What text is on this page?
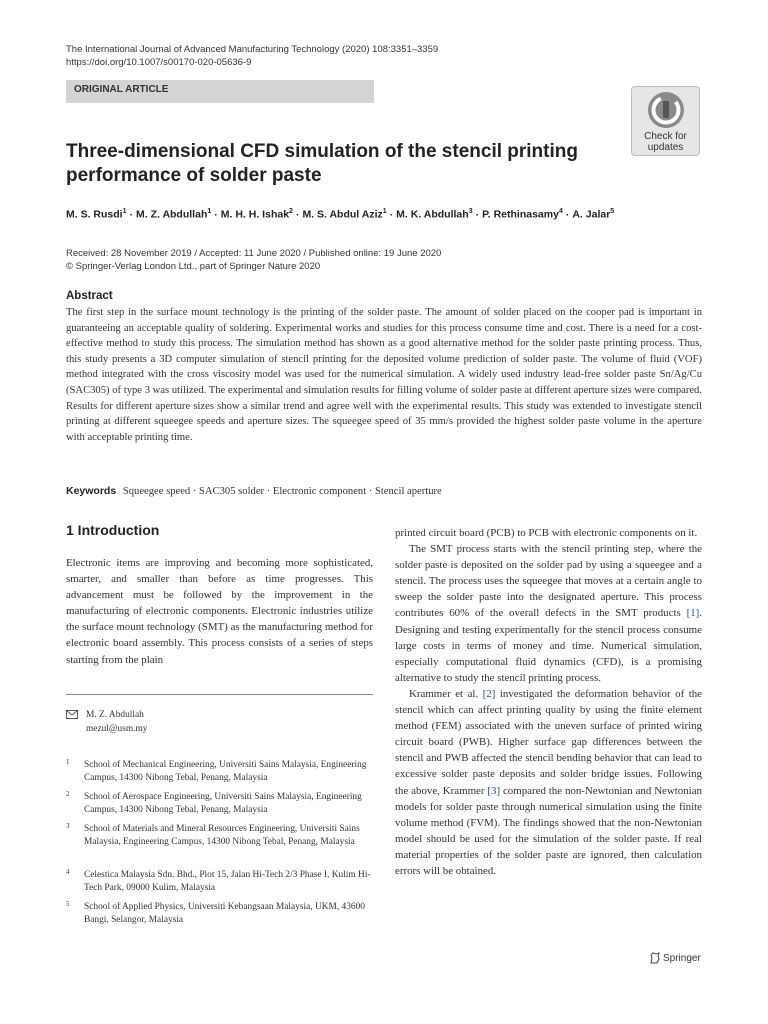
The International Journal of Advanced Manufacturing Technology (2020) 108:3351–3359
https://doi.org/10.1007/s00170-020-05636-9
ORIGINAL ARTICLE
Check for
updates
Three-dimensional CFD simulation of the stencil printing performance of solder paste
M. S. Rusdi$^1$ · M. Z. Abdullah$^1$ · M. H. H. Ishak$^2$ · M. S. Abdul Aziz$^1$ · M. K. Abdullah$^3$ · P. Rethinasamy$^4$ · A. Jalar$^5$
Received: 28 November 2019 / Accepted: 11 June 2020 / Published online: 19 June 2020
© Springer-Verlag London Ltd., part of Springer Nature 2020
Abstract
The first step in the surface mount technology is the printing of the solder paste. The amount of solder placed on the cooper pad is important in guaranteeing an acceptable quality of soldering. Experimental works and studies for this process consume time and cost. There is a need for a cost-effective method to study this process. The simulation method has shown as a good alternative method for the solder paste printing process. Thus, this study presents a 3D computer simulation of stencil printing for the deposited volume prediction of solder paste. The volume of fluid (VOF) method integrated with the cross viscosity model was used for the numerical simulation. A widely used industry lead-free solder paste Sn/Ag/Cu (SAC305) of type 3 was utilized. The experimental and simulation results for filling volume of solder paste at different aperture sizes were compared. Results for different aperture sizes show a similar trend and agree well with the experimental results. This study was extended to investigate stencil printing at different squeegee speeds and aperture sizes. The squeegee speed of 35 mm/s provided the highest solder paste volume in the aperture with acceptable printing time.
Keywords Squeegee speed · SAC305 solder · Electronic component · Stencil aperture
1 Introduction

Electronic items are improving and becoming more sophisticated, smarter, and smaller than before as time progresses. This advancement must be followed by the improvement in the manufacturing of electronic components. Electronic industries utilize the surface mount technology (SMT) as the manufacturing method for electronic board assembly. This process consists of a series of steps starting from the plain

M. Z. Abdullah
mezul@usm.my
1 School of Mechanical Engineering, Universiti Sains Malaysia, Engineering Campus, 14300 Nibong Tebal, Penang, Malaysia
2 School of Aerospace Engineering, Universiti Sains Malaysia, Engineering Campus, 14300 Nibong Tebal, Penang, Malaysia
3 School of Materials and Mineral Resources Engineering, Universiti Sains Malaysia, Engineering Campus, 14300 Nibong Tebal, Penang, Malaysia
4 Celestica Malaysia Sdn. Bhd., Plot 15, Jalan Hi-Tech 2/3 Phase I, Kulim Hi-Tech Park, 09000 Kulim, Malaysia
5 School of Applied Physics, Universiti Kebangsaan Malaysia, UKM, 43600 Bangi, Selangor, Malaysia

printed circuit board (PCB) to PCB with electronic components on it.

The SMT process starts with the stencil printing step, where the solder paste is deposited on the solder pad by using a squeegee and a stencil. The process uses the squeegee that moves at a certain angle to sweep the solder paste into the designated aperture. This process contributes 60% of the overall defects in the SMT products [1]. Designing and testing experimentally for the stencil process consume large costs in terms of money and time. Numerical simulation, especially computational fluid dynamics (CFD), is a promising alternative to study the stencil printing process.

Krammer et al. [2] investigated the deformation behavior of the stencil which can affect printing quality by using the finite element method (FEM) associated with the uneven surface of printed wiring circuit board (PWB). Higher surface gap differences between the stencil and PWB affected the stencil bending behavior that can lead to excessive solder paste deposits and solder bridge issues. Following the above, Krammer [3] compared the non-Newtonian and Newtonian models for solder paste through numerical simulation using the finite volume method (FVM). The findings showed that the non-Newtonian model should be used for the simulation of the solder paste. If real material properties of the solder paste are ignored, then calculation errors will be obtained.

Springer
